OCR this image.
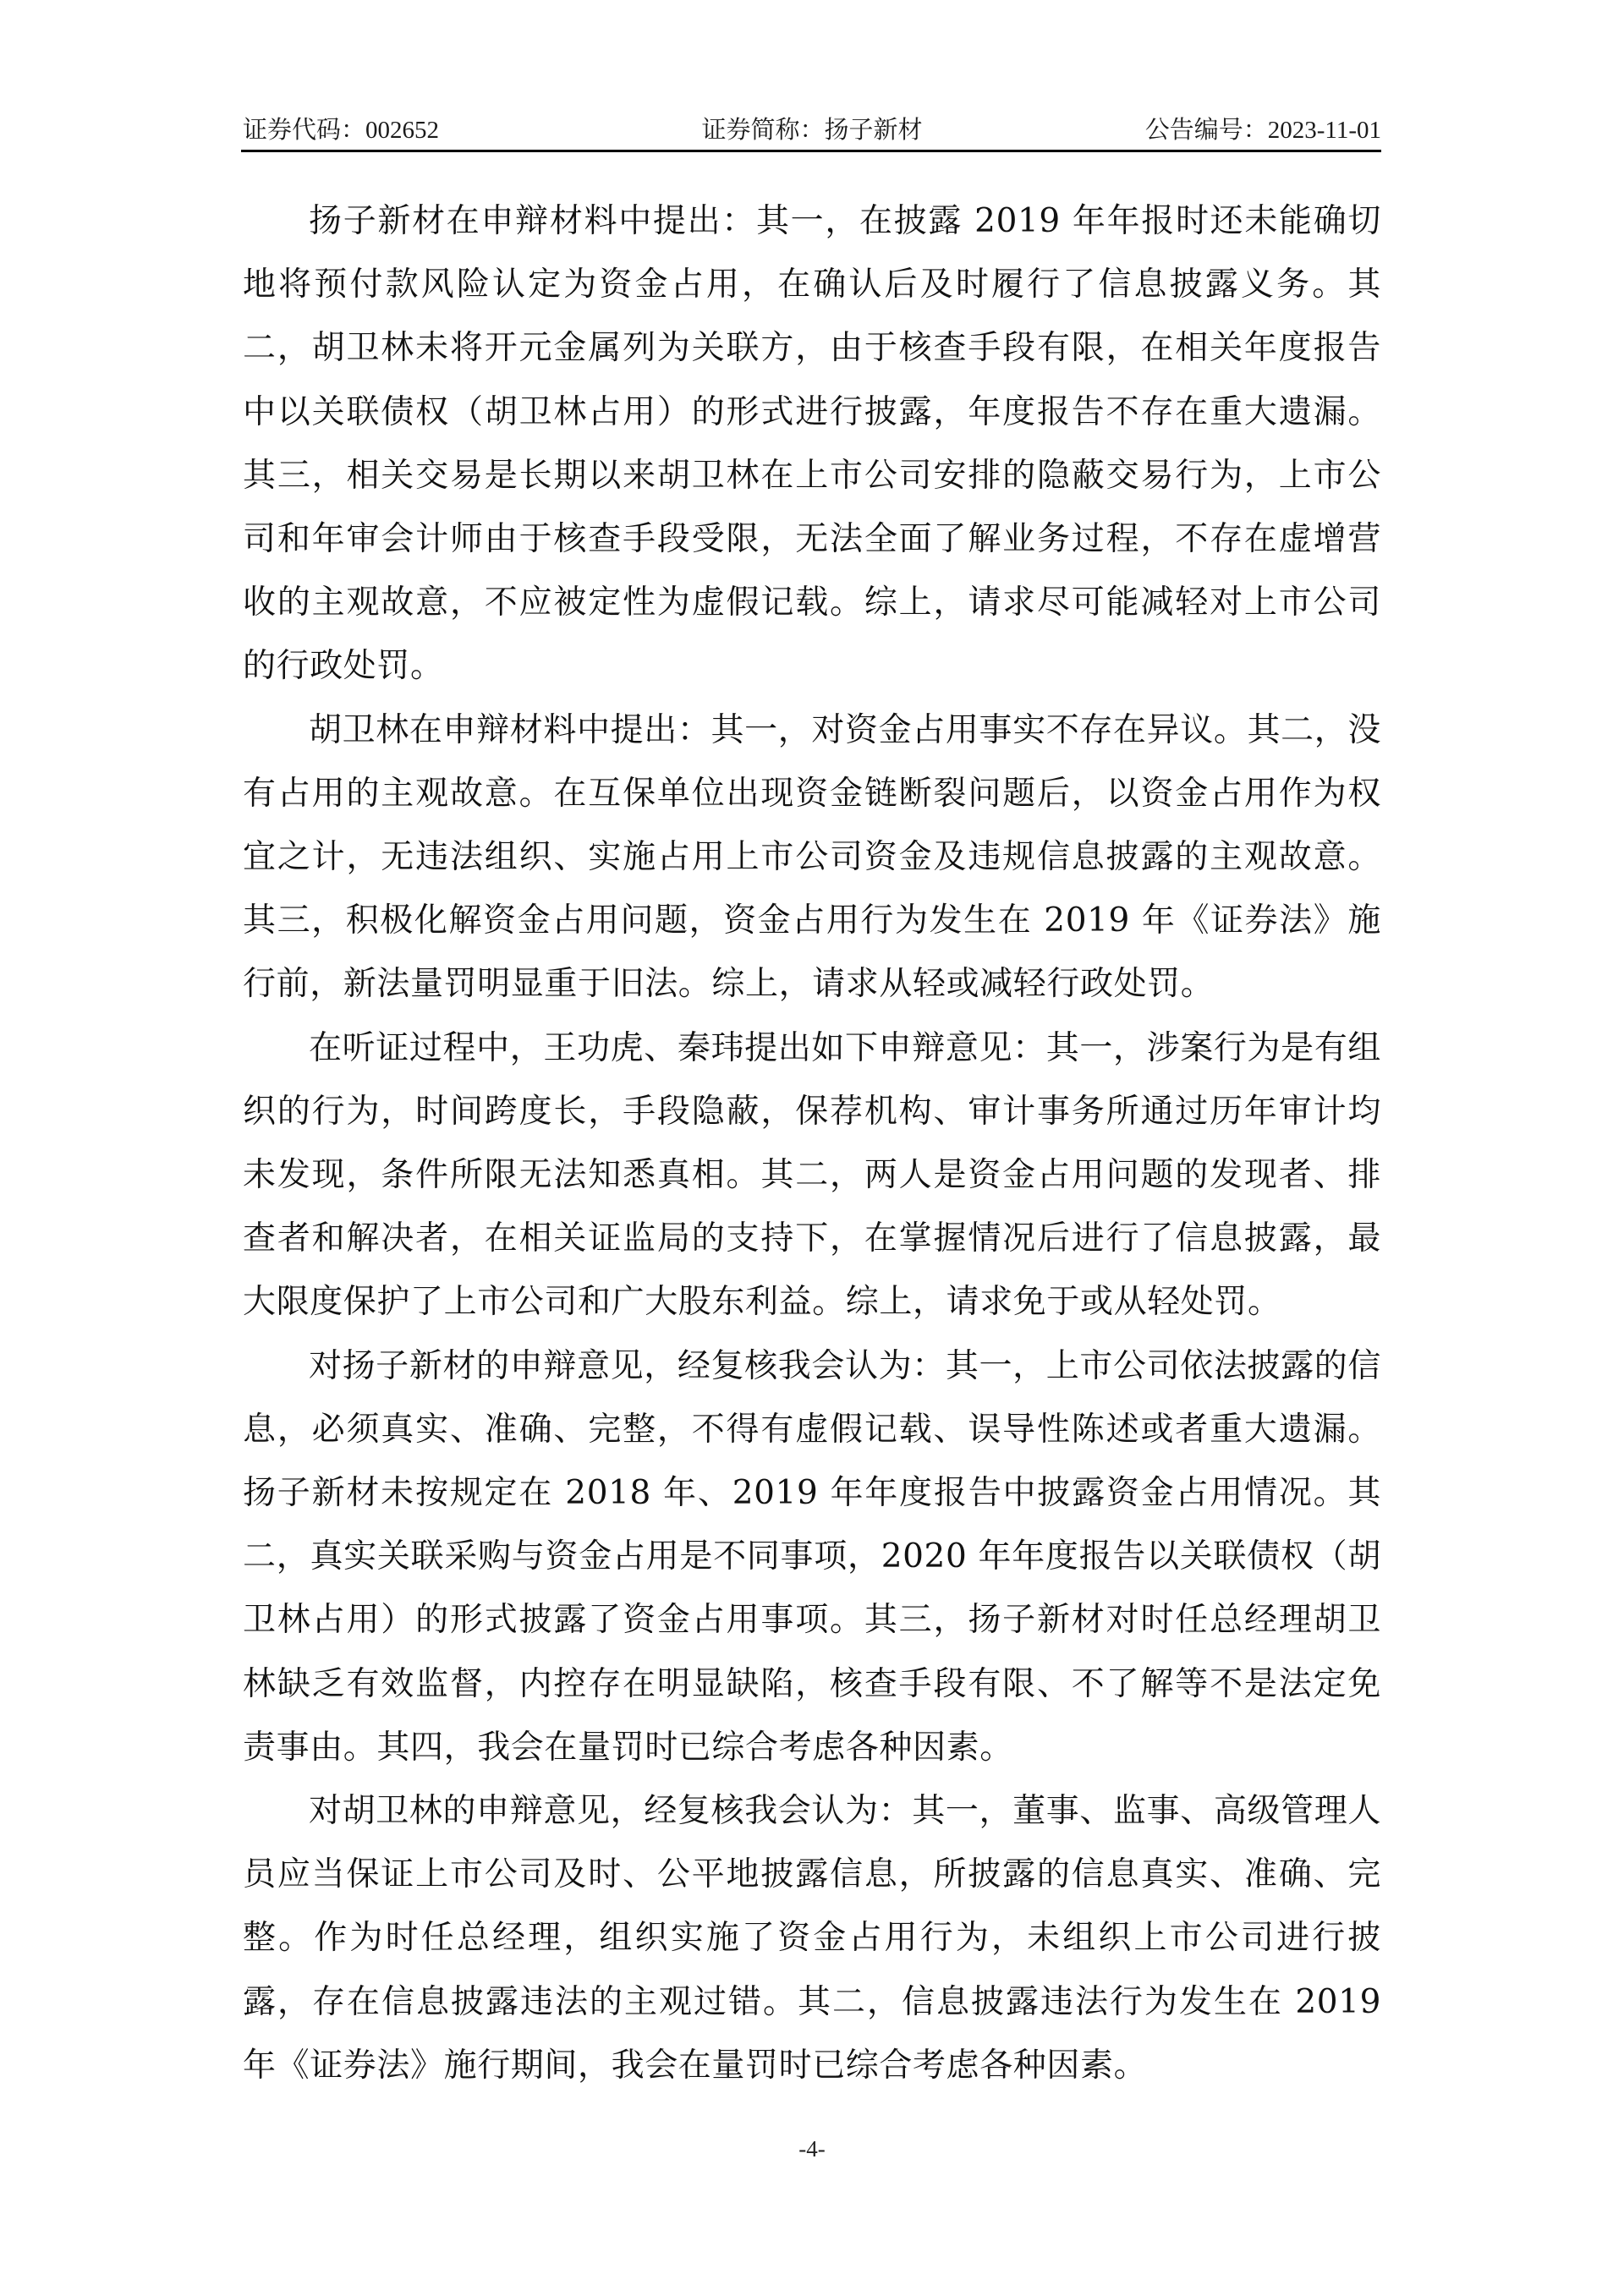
证券代码：002652	证券简称：扬子新材	公告编号：2023-11-01

扬子新材在申辩材料中提出：其一，在披露 2019 年年报时还未能确切地将预付款风险认定为资金占用，在确认后及时履行了信息披露义务。其二，胡卫林未将开元金属列为关联方，由于核查手段有限，在相关年度报告中以关联债权（胡卫林占用）的形式进行披露，年度报告不存在重大遗漏。其三，相关交易是长期以来胡卫林在上市公司安排的隐蔽交易行为，上市公司和年审会计师由于核查手段受限，无法全面了解业务过程，不存在虚增营收的主观故意，不应被定性为虚假记载。综上，请求尽可能减轻对上市公司的行政处罚。

胡卫林在申辩材料中提出：其一，对资金占用事实不存在异议。其二，没有占用的主观故意。在互保单位出现资金链断裂问题后，以资金占用作为权宜之计，无违法组织、实施占用上市公司资金及违规信息披露的主观故意。其三，积极化解资金占用问题，资金占用行为发生在 2019 年《证券法》施行前，新法量罚明显重于旧法。综上，请求从轻或减轻行政处罚。

在听证过程中，王功虎、秦玮提出如下申辩意见：其一，涉案行为是有组织的行为，时间跨度长，手段隐蔽，保荐机构、审计事务所通过历年审计均未发现，条件所限无法知悉真相。其二，两人是资金占用问题的发现者、排查者和解决者，在相关证监局的支持下，在掌握情况后进行了信息披露，最大限度保护了上市公司和广大股东利益。综上，请求免于或从轻处罚。

对扬子新材的申辩意见，经复核我会认为：其一，上市公司依法披露的信息，必须真实、准确、完整，不得有虚假记载、误导性陈述或者重大遗漏。扬子新材未按规定在 2018 年、2019 年年度报告中披露资金占用情况。其二，真实关联采购与资金占用是不同事项，2020 年年度报告以关联债权（胡卫林占用）的形式披露了资金占用事项。其三，扬子新材对时任总经理胡卫林缺乏有效监督，内控存在明显缺陷，核查手段有限、不了解等不是法定免责事由。其四，我会在量罚时已综合考虑各种因素。

对胡卫林的申辩意见，经复核我会认为：其一，董事、监事、高级管理人员应当保证上市公司及时、公平地披露信息，所披露的信息真实、准确、完整。作为时任总经理，组织实施了资金占用行为，未组织上市公司进行披露，存在信息披露违法的主观过错。其二，信息披露违法行为发生在 2019 年《证券法》施行期间，我会在量罚时已综合考虑各种因素。

-4-
